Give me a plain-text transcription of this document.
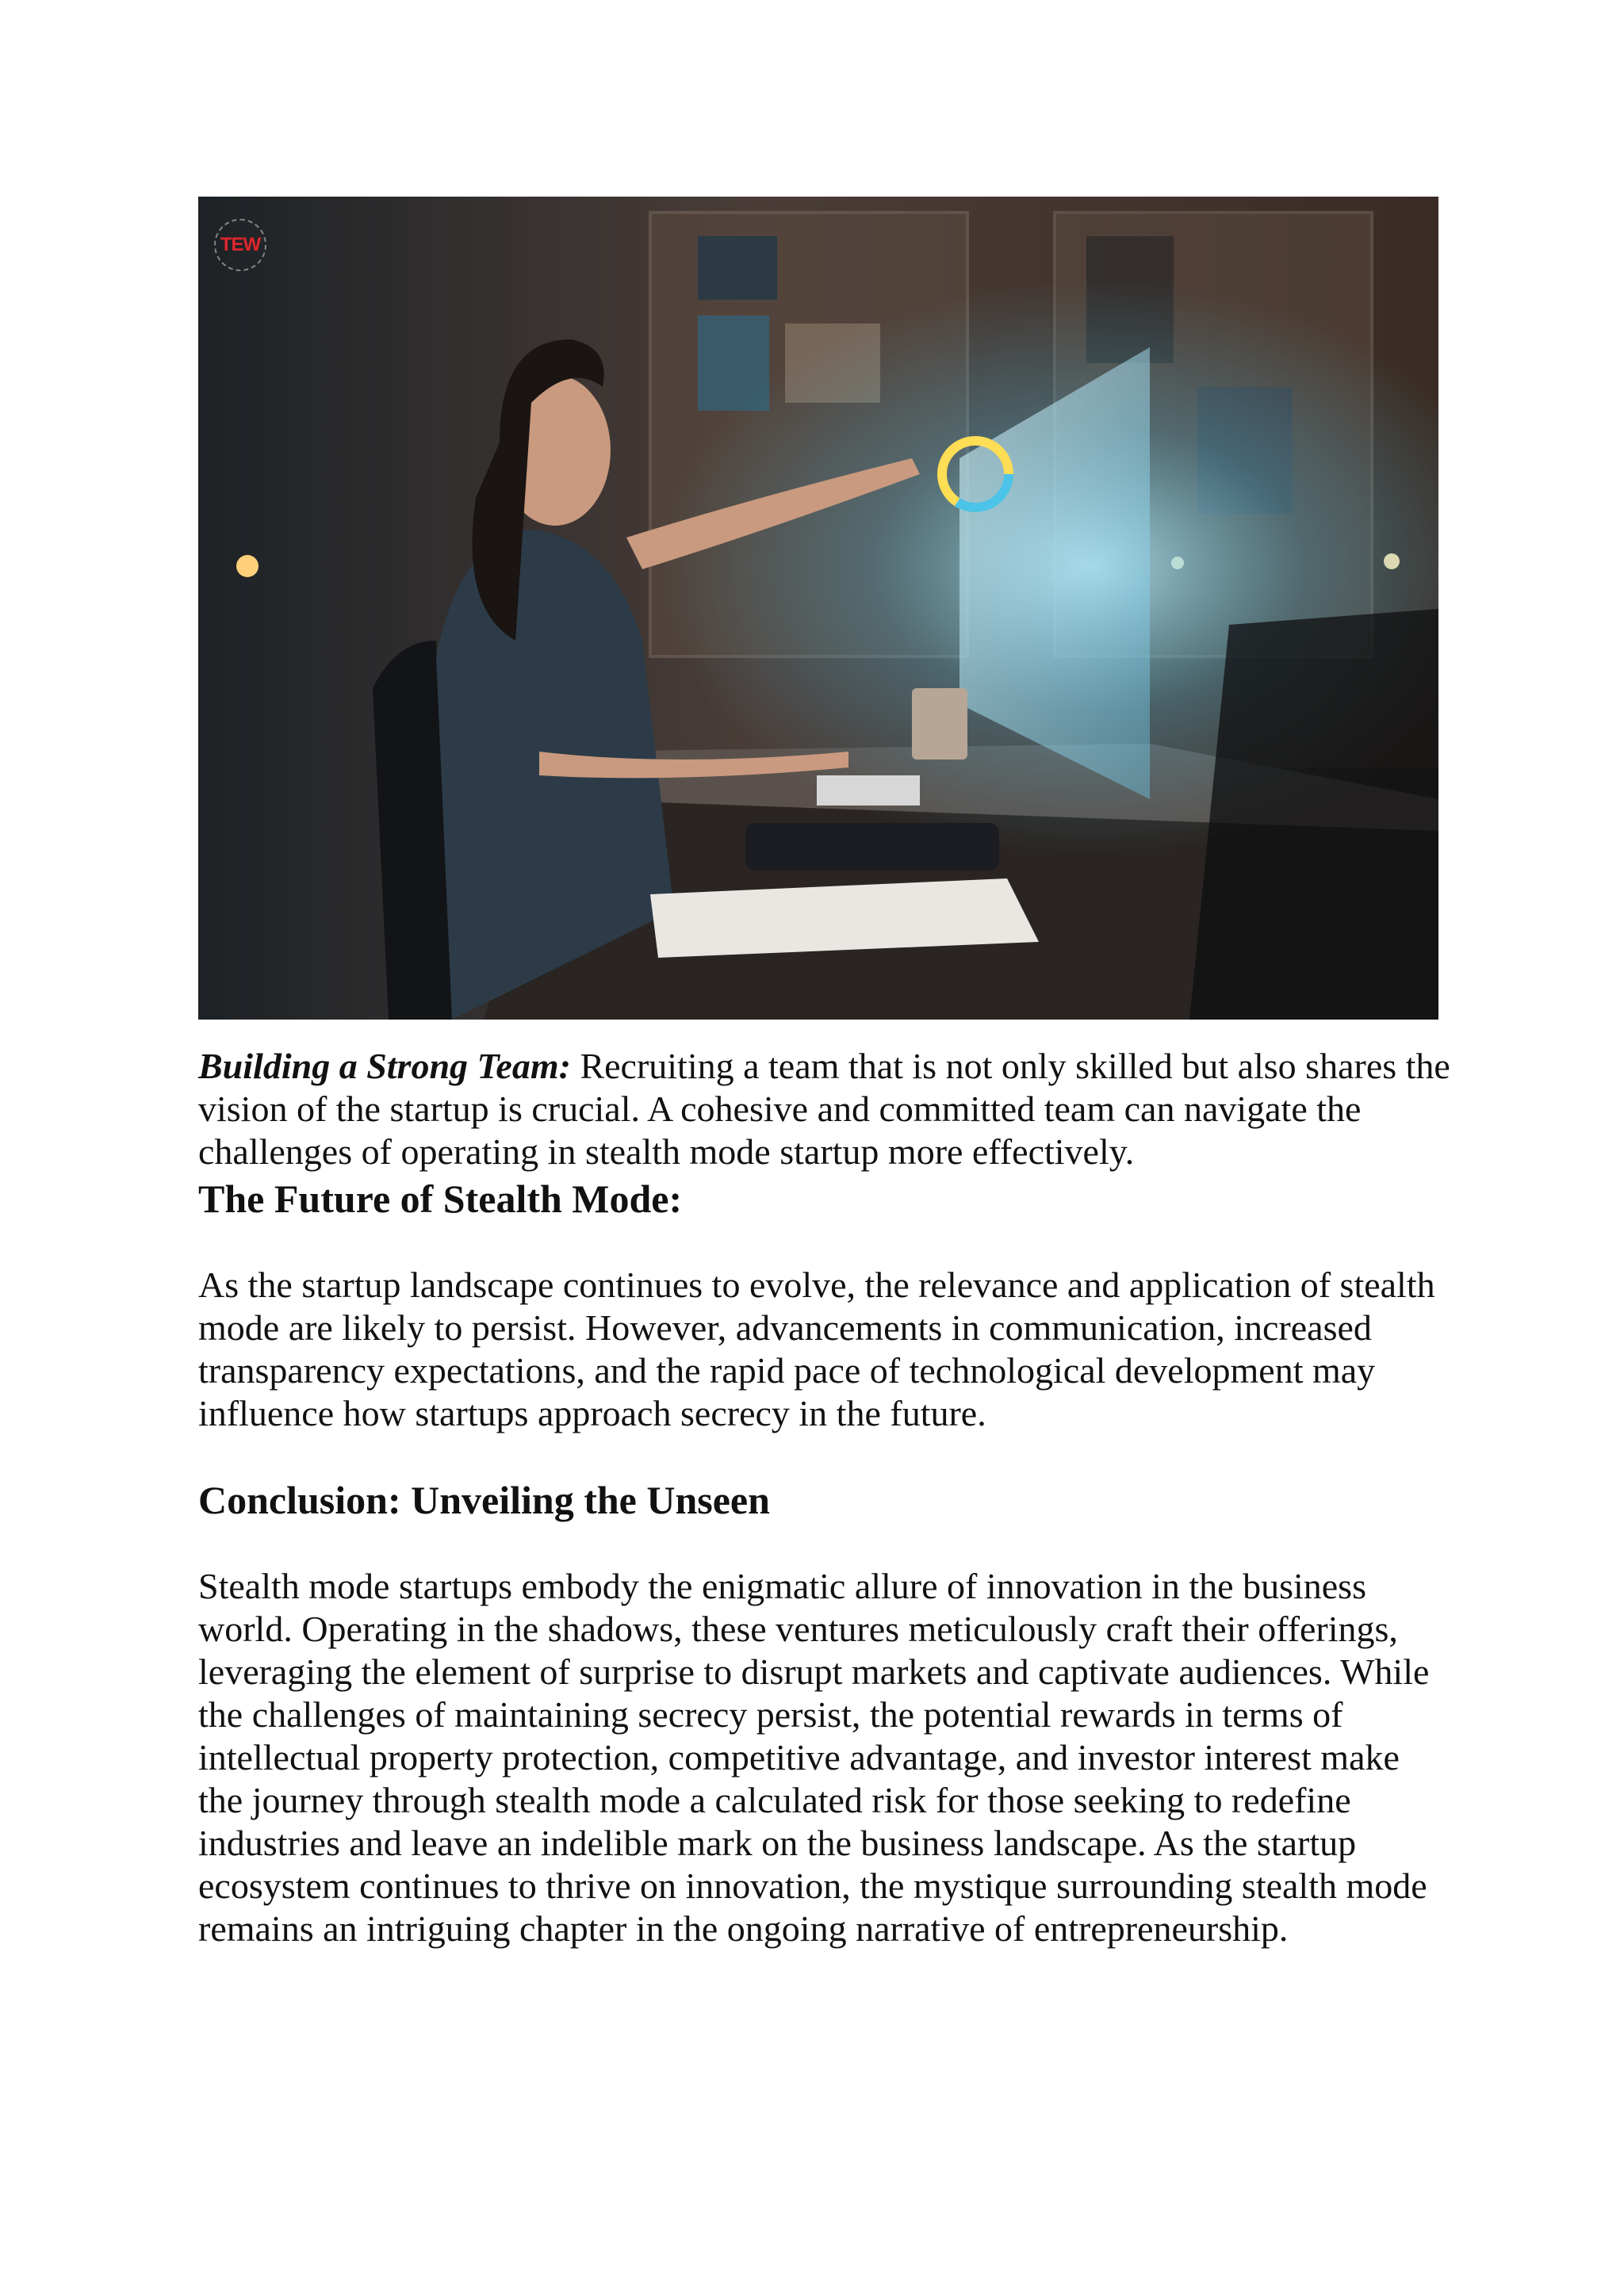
TEW
Building a Strong Team: Recruiting a team that is not only skilled but also shares the vision of the startup is crucial. A cohesive and committed team can navigate the challenges of operating in stealth mode startup more effectively.
The Future of Stealth Mode:
As the startup landscape continues to evolve, the relevance and application of stealth mode are likely to persist. However, advancements in communication, increased transparency expectations, and the rapid pace of technological development may influence how startups approach secrecy in the future.
Conclusion: Unveiling the Unseen
Stealth mode startups embody the enigmatic allure of innovation in the business world. Operating in the shadows, these ventures meticulously craft their offerings, leveraging the element of surprise to disrupt markets and captivate audiences. While the challenges of maintaining secrecy persist, the potential rewards in terms of intellectual property protection, competitive advantage, and investor interest make the journey through stealth mode a calculated risk for those seeking to redefine industries and leave an indelible mark on the business landscape. As the startup ecosystem continues to thrive on innovation, the mystique surrounding stealth mode remains an intriguing chapter in the ongoing narrative of entrepreneurship.
